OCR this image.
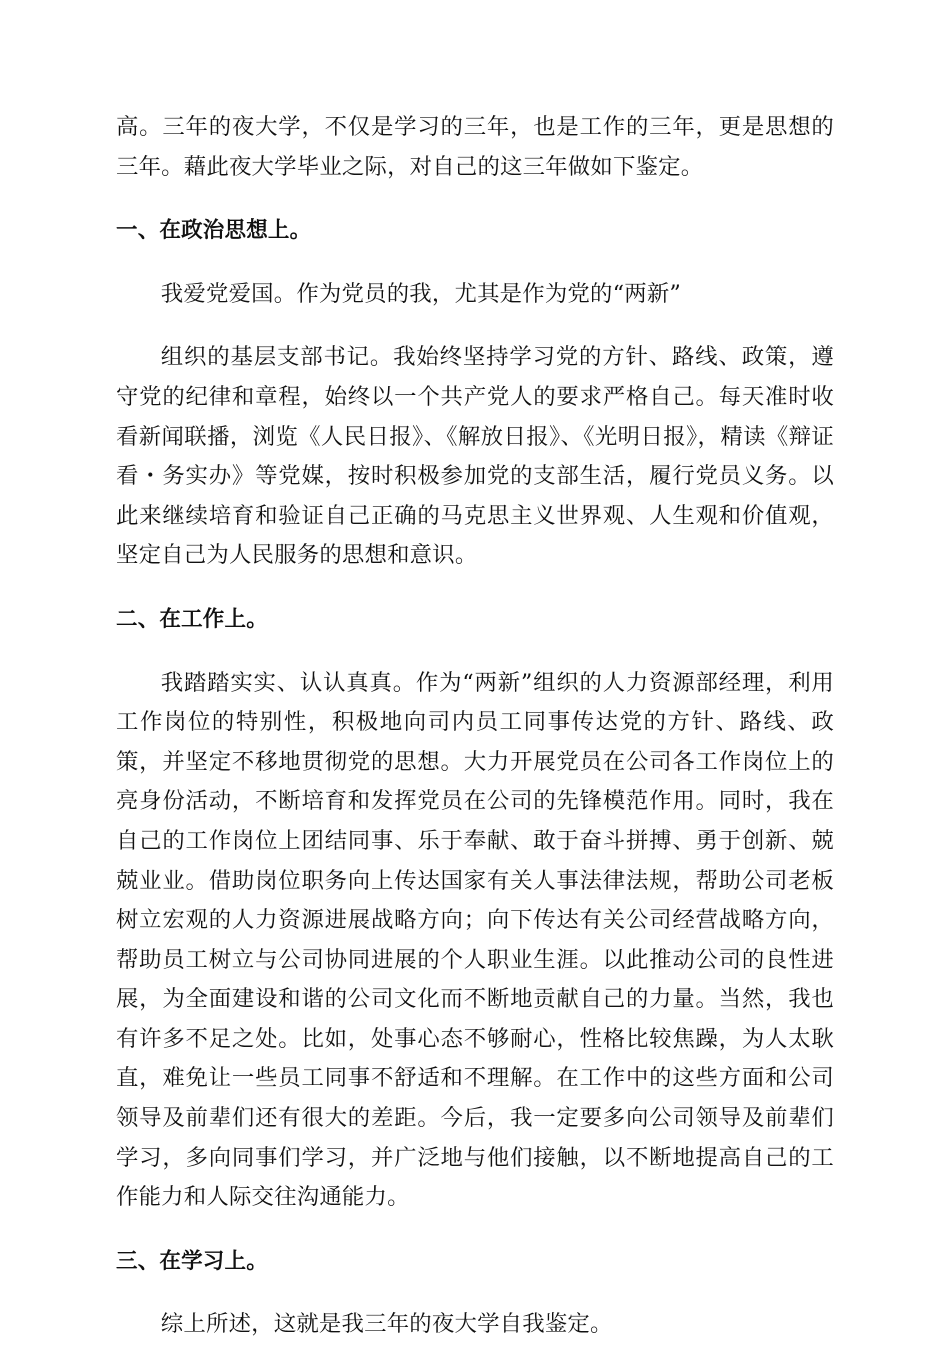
高。三年的夜大学，不仅是学习的三年，也是工作的三年，更是思想的三年。藉此夜大学毕业之际，对自己的这三年做如下鉴定。

一、在政治思想上。

我爱党爱国。作为党员的我，尤其是作为党的“两新”

组织的基层支部书记。我始终坚持学习党的方针、路线、政策，遵守党的纪律和章程，始终以一个共产党人的要求严格自己。每天准时收看新闻联播，浏览《人民日报》、《解放日报》、《光明日报》，精读《辩证看・务实办》等党媒，按时积极参加党的支部生活，履行党员义务。以此来继续培育和验证自己正确的马克思主义世界观、人生观和价值观，坚定自己为人民服务的思想和意识。

二、在工作上。

我踏踏实实、认认真真。作为“两新”组织的人力资源部经理，利用工作岗位的特别性，积极地向司内员工同事传达党的方针、路线、政策，并坚定不移地贯彻党的思想。大力开展党员在公司各工作岗位上的亮身份活动，不断培育和发挥党员在公司的先锋模范作用。同时，我在自己的工作岗位上团结同事、乐于奉献、敢于奋斗拼搏、勇于创新、兢兢业业。借助岗位职务向上传达国家有关人事法律法规，帮助公司老板树立宏观的人力资源进展战略方向；向下传达有关公司经营战略方向，帮助员工树立与公司协同进展的个人职业生涯。以此推动公司的良性进展，为全面建设和谐的公司文化而不断地贡献自己的力量。当然，我也有许多不足之处。比如，处事心态不够耐心，性格比较焦躁，为人太耿直，难免让一些员工同事不舒适和不理解。在工作中的这些方面和公司领导及前辈们还有很大的差距。今后，我一定要多向公司领导及前辈们学习，多向同事们学习，并广泛地与他们接触，以不断地提高自己的工作能力和人际交往沟通能力。

三、在学习上。

综上所述，这就是我三年的夜大学自我鉴定。
